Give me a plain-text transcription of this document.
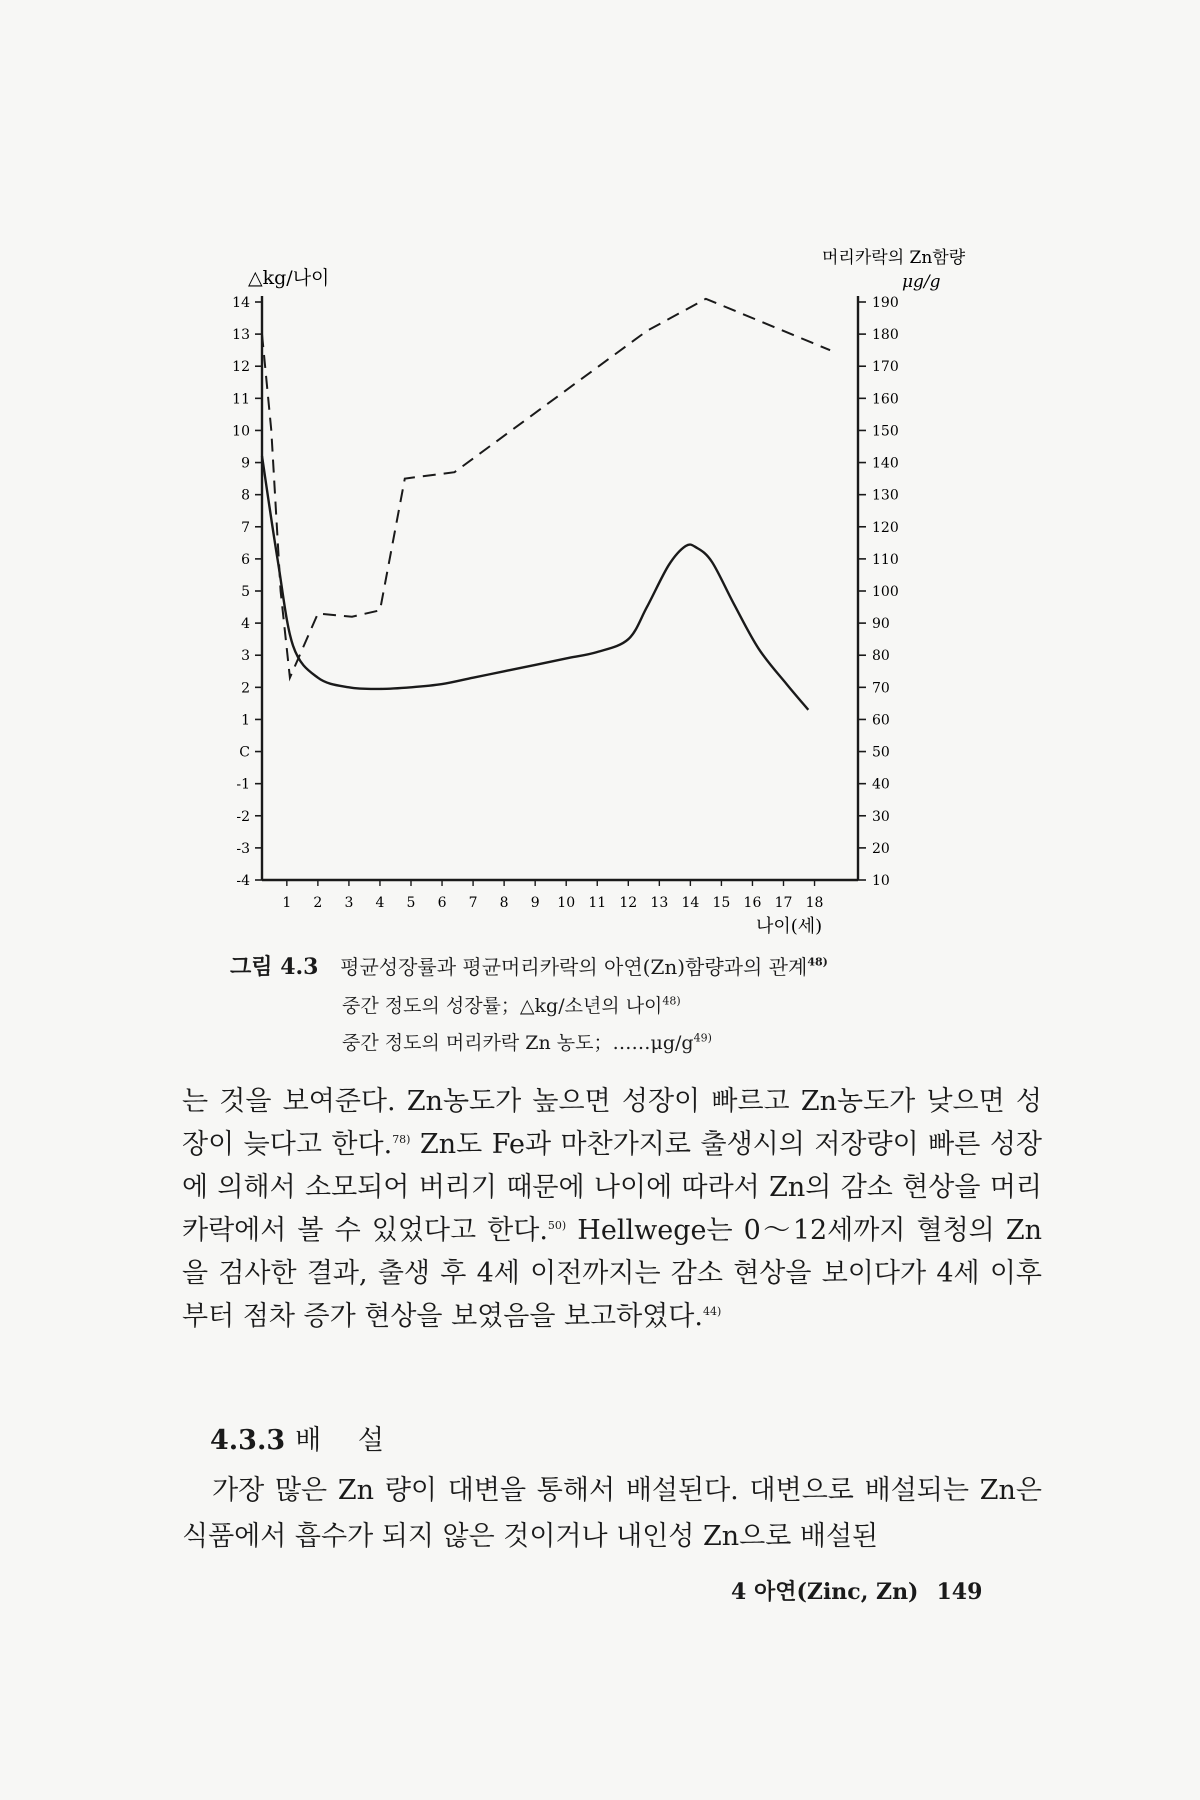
-4
-3
-2
-1
C
1
2
3
4
5
6
7
8
9
10
11
12
13
14
10
20
30
40
50
60
70
80
90
100
110
120
130
140
150
160
170
180
190
1 2 3 4 5 6 7 8 9 10 11 12 13 14 15 16 17 18
△kg/나이
머리카락의 Zn함량
μg/g
나이(세)
그림 4.3 평균성장률과 평균머리카락의 아연(Zn)함량과의 관계$^{48)}$
중간 정도의 성장률；△kg/소년의 나이$^{48)}$
중간 정도의 머리카락 Zn 농도；$\dots\dots\mu g/g^{49)}$

는 것을 보여준다. Zn농도가 높으면 성장이 빠르고 Zn농도가 낮으면 성장이 늦다고 한다.$^{78)}$ Zn도 Fe과 마찬가지로 출생시의 저장량이 빠른 성장에 의해서 소모되어 버리기 때문에 나이에 따라서 Zn의 감소 현상을 머리카락에서 볼 수 있었다고 한다.$^{50)}$ Hellwege는 0～12세까지 혈청의 Zn을 검사한 결과, 출생 후 4세 이전까지는 감소 현상을 보이다가 4세 이후부터 점차 증가 현상을 보였음을 보고하였다.$^{44)}$

4.3.3 배 설

가장 많은 Zn 량이 대변을 통해서 배설된다. 대변으로 배설되는 Zn은 식품에서 흡수가 되지 않은 것이거나 내인성 Zn으로 배설된

4 아연(Zinc, Zn) 149
